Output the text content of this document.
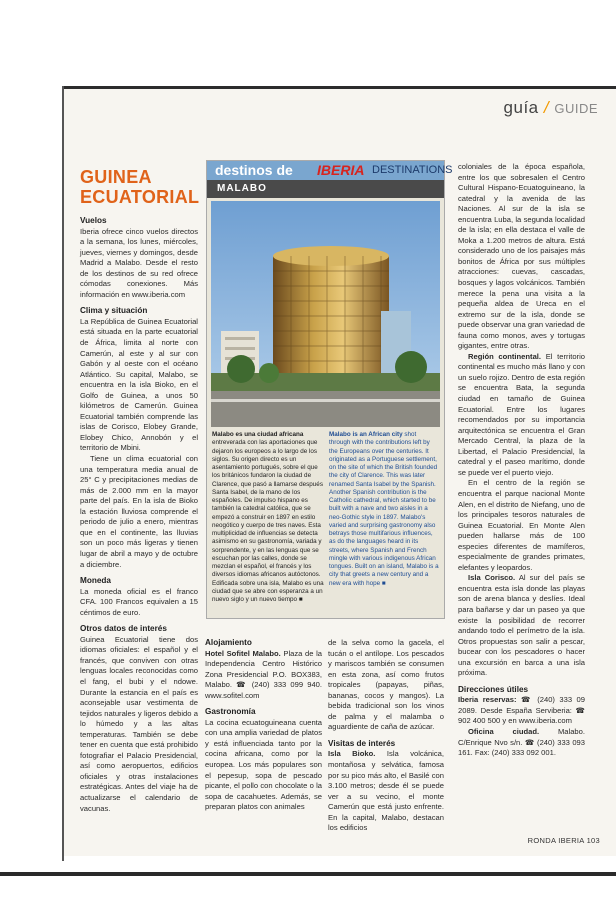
guía / GUIDE
GUINEA ECUATORIAL
Vuelos

Iberia ofrece cinco vuelos directos a la semana, los lunes, miércoles, jueves, viernes y domingos, desde Madrid a Malabo. Desde el resto de los destinos de su red ofrece cómodas conexiones. Más información en www.iberia.com

Clima y situación

La República de Guinea Ecuatorial está situada en la parte ecuatorial de África, limita al norte con Camerún, al este y al sur con Gabón y al oeste con el océano Atlántico. Su capital, Malabo, se encuentra en la isla Bioko, en el Golfo de Guinea, a unos 50 kilómetros de Camerún. Guinea Ecuatorial también comprende las islas de Corisco, Elobey Grande, Elobey Chico, Annobón y el territorio de Mbini.

Tiene un clima ecuatorial con una temperatura media anual de 25° C y precipitaciones medias de más de 2.000 mm en la mayor parte del país. En la isla de Bioko la estación lluviosa comprende el periodo de julio a enero, mientras que en el continente, las lluvias son un poco más ligeras y tienen lugar de abril a mayo y de octubre a diciembre.

Moneda

La moneda oficial es el franco CFA. 100 Francos equivalen a 15 céntimos de euro.

Otros datos de interés

Guinea Ecuatorial tiene dos idiomas oficiales: el español y el francés, que conviven con otras lenguas locales reconocidas como el fang, el bubi y el ndowe. Durante la estancia en el país es aconsejable usar vestimenta de tejidos naturales y ligeros debido a lo húmedo y a las altas temperaturas. También se debe tener en cuenta que está prohibido fotografiar el Palacio Presidencial, así como aeropuertos, edificios oficiales y otras instalaciones estratégicas. Antes del viaje ha de actualizarse el calendario de vacunas.

destinos de IBERIA DESTINATIONS
MALABO
Malabo es una ciudad africana entreverada con las aportaciones que dejaron los europeos a lo largo de los siglos. Su origen directo es un asentamiento portugués, sobre el que los británicos fundaron la ciudad de Clarence, que pasó a llamarse después Santa Isabel, de la mano de los españoles. De impulso hispano es también la catedral católica, que se empezó a construir en 1897 en estilo neogótico y cuerpo de tres naves. Esta multiplicidad de influencias se detecta asimismo en su gastronomía, variada y sorprendente, y en las lenguas que se escuchan por las calles, donde se mezclan el español, el francés y los diversos idiomas africanos autóctonos. Edificada sobre una isla, Malabo es una ciudad que se abre con esperanza a un nuevo siglo y un nuevo tiempo ■
Malabo is an African city shot through with the contributions left by the Europeans over the centuries. It originated as a Portuguese settlement, on the site of which the British founded the city of Clarence. This was later renamed Santa Isabel by the Spanish. Another Spanish contribution is the Catholic cathedral, which started to be built with a nave and two aisles in a neo-Gothic style in 1897. Malabo's varied and surprising gastronomy also betrays those multifarious influences, as do the languages heard in its streets, where Spanish and French mingle with various indigenous African tongues. Built on an island, Malabo is a city that greets a new century and a new era with hope ■
Alojamiento

Hotel Sofitel Malabo. Plaza de la Independencia Centro Histórico Zona Presidencial P.O. BOX383, Malabo. ☎ (240) 333 099 940. www.sofitel.com

Gastronomía

La cocina ecuatoguineana cuenta con una amplia variedad de platos y está influenciada tanto por la cocina africana, como por la europea. Los más populares son el pepesup, sopa de pescado picante, el pollo con chocolate o la sopa de cacahuetes. Además, se preparan platos con animales

de la selva como la gacela, el tucán o el antílope. Los pescados y mariscos también se consumen en esta zona, así como frutos tropicales (papayas, piñas, bananas, cocos y mangos). La bebida tradicional son los vinos de palma y el malamba o aguardiente de caña de azúcar.

Visitas de interés

Isla Bioko. Isla volcánica, montañosa y selvática, famosa por su pico más alto, el Basilé con 3.100 metros; desde él se puede ver a su vecino, el monte Camerún que está justo enfrente. En la capital, Malabo, destacan los edificios

coloniales de la época española, entre los que sobresalen el Centro Cultural Hispano-Ecuatoguineano, la catedral y la avenida de las Naciones. Al sur de la isla se encuentra Luba, la segunda localidad de la isla; en ella destaca el valle de Moka a 1.200 metros de altura. Está considerado uno de los paisajes más bonitos de África por sus múltiples atracciones: cuevas, cascadas, bosques y lagos volcánicos. También merece la pena una visita a la pequeña aldea de Ureca en el extremo sur de la isla, donde se puede observar una gran variedad de fauna como monos, aves y tortugas gigantes, entre otras.

Región continental. El territorio continental es mucho más llano y con un suelo rojizo. Dentro de esta región se encuentra Bata, la segunda ciudad en tamaño de Guinea Ecuatorial. Entre los lugares recomendados por su importancia arquitectónica se encuentra el Gran Mercado Central, la plaza de la Libertad, el Palacio Presidencial, la catedral y el paseo marítimo, donde se puede ver el puerto viejo.

En el centro de la región se encuentra el parque nacional Monte Alen, en el distrito de Niefang, uno de los principales tesoros naturales de Guinea Ecuatorial. En Monte Alen pueden hallarse más de 100 especies diferentes de mamíferos, especialmente de grandes primates, elefantes y leopardos.

Isla Corisco. Al sur del país se encuentra esta isla donde las playas son de arena blanca y deslíes. Ideal para bañarse y dar un paseo ya que existe la posibilidad de recorrer andando todo el perímetro de la isla. Otros propuestas son salir a pescar, bucear con los pescadores o hacer una excursión en barca a una isla próxima.

Direcciones útiles

Iberia reservas: ☎ (240) 333 09 2089. Desde España Serviberia: ☎ 902 400 500 y en www.iberia.com

Oficina ciudad. Malabo. C/Enrique Nvo s/n. ☎ (240) 333 093 161. Fax: (240) 333 092 001.

RONDA IBERIA 103
